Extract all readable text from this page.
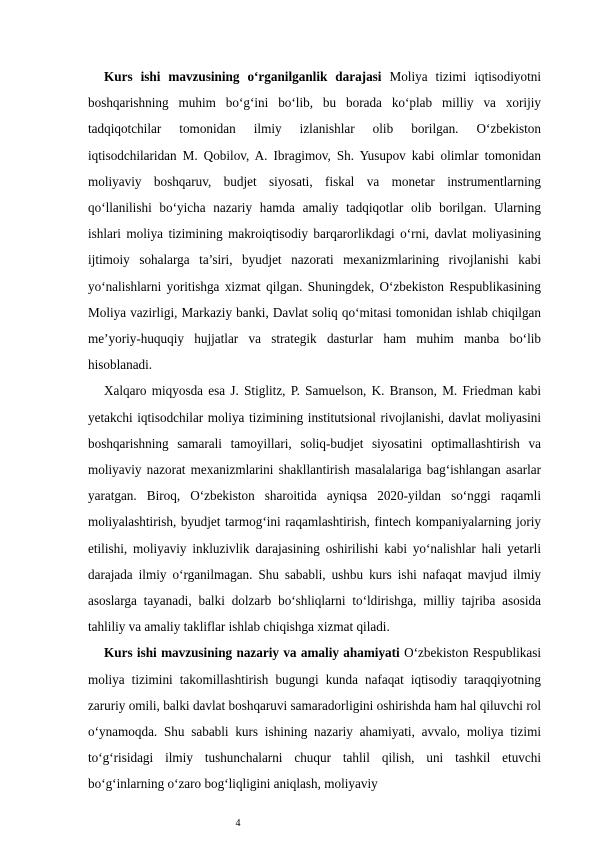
Kurs ishi mavzusining o‘rganilganlik darajasi Moliya tizimi iqtisodiyotni boshqarishning muhim bo‘g‘ini bo‘lib, bu borada ko‘plab milliy va xorijiy tadqiqotchilar tomonidan ilmiy izlanishlar olib borilgan. O‘zbekiston iqtisodchilaridan M. Qobilov, A. Ibragimov, Sh. Yusupov kabi olimlar tomonidan moliyaviy boshqaruv, budjet siyosati, fiskal va monetar instrumentlarning qo‘llanilishi bo‘yicha nazariy hamda amaliy tadqiqotlar olib borilgan. Ularning ishlari moliya tizimining makroiqtisodiy barqarorlikdagi o‘rni, davlat moliyasining ijtimoiy sohalarga ta’siri, byudjet nazorati mexanizmlarining rivojlanishi kabi yo‘nalishlarni yoritishga xizmat qilgan. Shuningdek, O‘zbekiston Respublikasining Moliya vazirligi, Markaziy banki, Davlat soliq qo‘mitasi tomonidan ishlab chiqilgan me’yoriy-huquqiy hujjatlar va strategik dasturlar ham muhim manba bo‘lib hisoblanadi.

Xalqaro miqyosda esa J. Stiglitz, P. Samuelson, K. Branson, M. Friedman kabi yetakchi iqtisodchilar moliya tizimining institutsional rivojlanishi, davlat moliyasini boshqarishning samarali tamoyillari, soliq-budjet siyosatini optimallashtirish va moliyaviy nazorat mexanizmlarini shakllantirish masalalariga bag‘ishlangan asarlar yaratgan. Biroq, O‘zbekiston sharoitida ayniqsa 2020-yildan so‘nggi raqamli moliyalashtirish, byudjet tarmog‘ini raqamlashtirish, fintech kompaniyalarning joriy etilishi, moliyaviy inkluzivlik darajasining oshirilishi kabi yo‘nalishlar hali yetarli darajada ilmiy o‘rganilmagan. Shu sababli, ushbu kurs ishi nafaqat mavjud ilmiy asoslarga tayanadi, balki dolzarb bo‘shliqlarni to‘ldirishga, milliy tajriba asosida tahliliy va amaliy takliflar ishlab chiqishga xizmat qiladi.

Kurs ishi mavzusining nazariy va amaliy ahamiyati O‘zbekiston Respublikasi moliya tizimini takomillashtirish bugungi kunda nafaqat iqtisodiy taraqqiyotning zaruriy omili, balki davlat boshqaruvi samaradorligini oshirishda ham hal qiluvchi rol o‘ynamoqda. Shu sababli kurs ishining nazariy ahamiyati, avvalo, moliya tizimi to‘g‘risidagi ilmiy tushunchalarni chuqur tahlil qilish, uni tashkil etuvchi bo‘g‘inlarning o‘zaro bog‘liqligini aniqlash, moliyaviy

4
